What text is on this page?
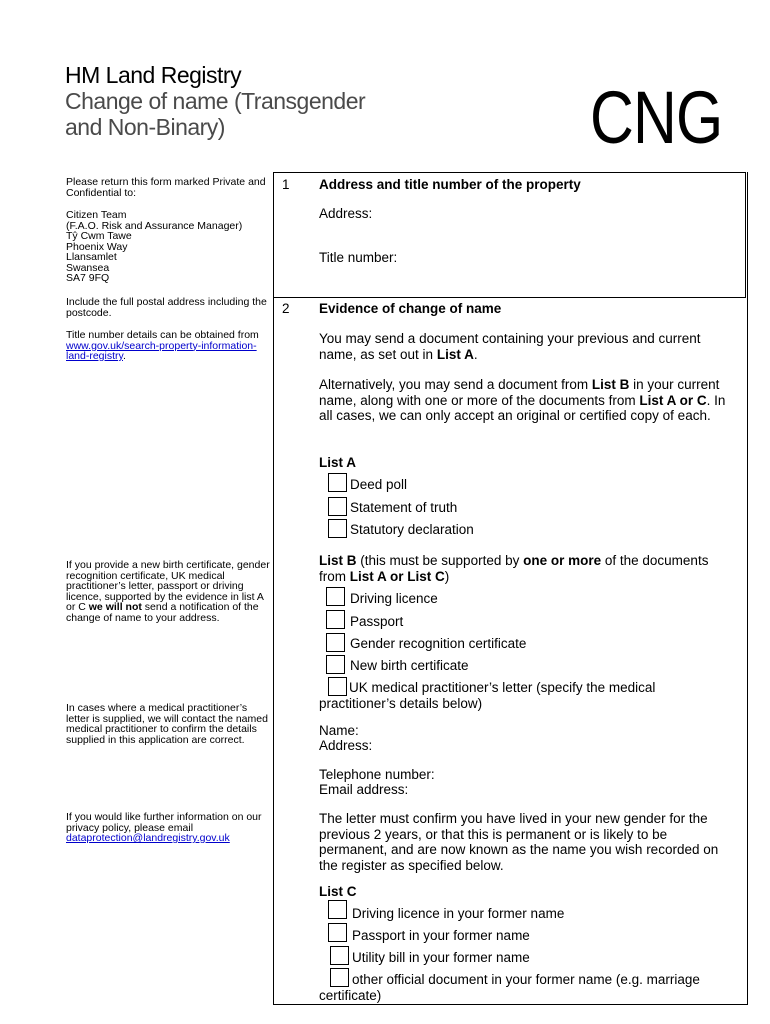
HM Land Registry
Change of name (Transgender
and Non-Binary)	CNG

Please return this form marked Private and Confidential to:

Citizen Team

(F.A.O. Risk and Assurance Manager)

Tŷ Cwm Tawe

Phoenix Way

Llansamlet

Swansea

SA7 9FQ

Include the full postal address including the postcode.

Title number details can be obtained from www.gov.uk/search-property-information-land-registry.

If you provide a new birth certificate, gender recognition certificate, UK medical practitioner’s letter, passport or driving licence, supported by the evidence in list A or C we will not send a notification of the change of name to your address.

In cases where a medical practitioner’s letter is supplied, we will contact the named medical practitioner to confirm the details supplied in this application are correct.

If you would like further information on our privacy policy, please email

dataprotection@landregistry.gov.uk

1 Address and title number of the property
Address:
Title number:
2 Evidence of change of name
You may send a document containing your previous and current name, as set out in List A.
Alternatively, you may send a document from List B in your current name, along with one or more of the documents from List A or C. In all cases, we can only accept an original or certified copy of each.
List A
Deed poll
Statement of truth
Statutory declaration
List B (this must be supported by one or more of the documents from List A or List C)
Driving licence
Passport
Gender recognition certificate
New birth certificate
UK medical practitioner’s letter (specify the medical practitioner’s details below)
Name:
Address:
Telephone number:
Email address:
The letter must confirm you have lived in your new gender for the previous 2 years, or that this is permanent or is likely to be permanent, and are now known as the name you wish recorded on the register as specified below.
List C
Driving licence in your former name
Passport in your former name
Utility bill in your former name
other official document in your former name (e.g. marriage certificate)
